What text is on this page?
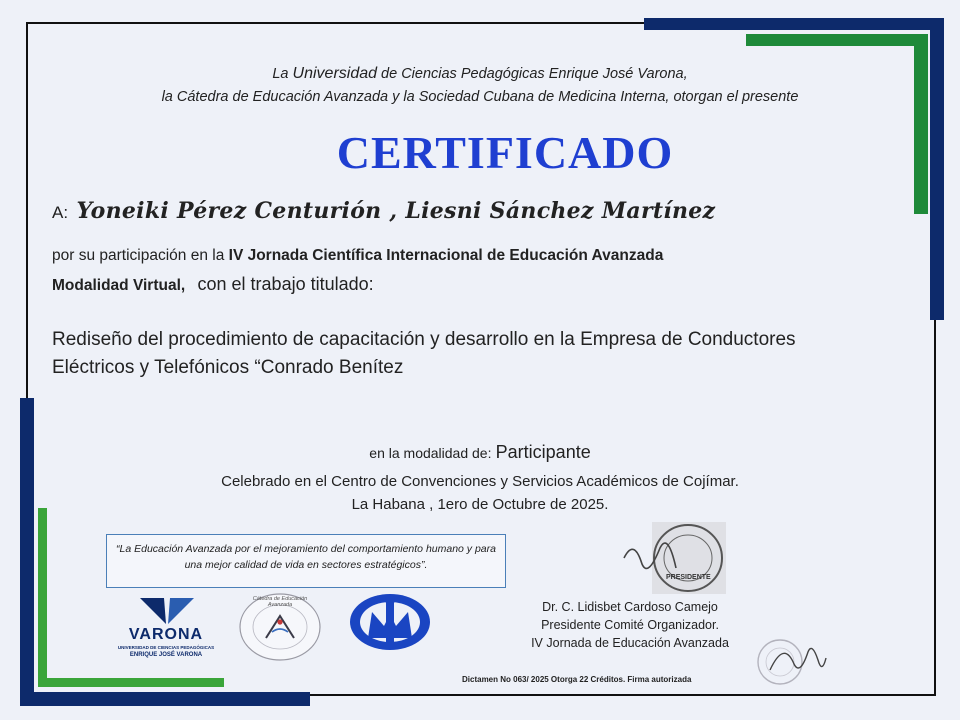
La Universidad de Ciencias Pedagógicas Enrique José Varona,
la Cátedra de Educación Avanzada y la Sociedad Cubana de Medicina Interna, otorgan el presente
CERTIFICADO
A: Yoneiki Pérez Centurión , Liesni Sánchez Martínez
por su participación en la IV Jornada Científica Internacional de Educación Avanzada
Modalidad Virtual, con el trabajo titulado:
Rediseño del procedimiento de capacitación y desarrollo en la Empresa de Conductores Eléctricos y Telefónicos “Conrado Benítez
en la modalidad de: Participante
Celebrado en el Centro de Convenciones y Servicios Académicos de Cojímar.
La Habana , 1ero de Octubre de 2025.
“La Educación Avanzada por el mejoramiento del comportamiento humano y para una mejor calidad de vida en sectores estratégicos”.
VARONA
UNIVERSIDAD DE CIENCIAS PEDAGÓGICAS
ENRIQUE JOSÉ VARONA
Cátedra de Educación Avanzada
PRESIDENTE
Dr. C. Lidisbet Cardoso Camejo
Presidente Comité Organizador.
IV Jornada de Educación Avanzada
Dictamen No 063/ 2025 Otorga 22 Créditos. Firma autorizada
